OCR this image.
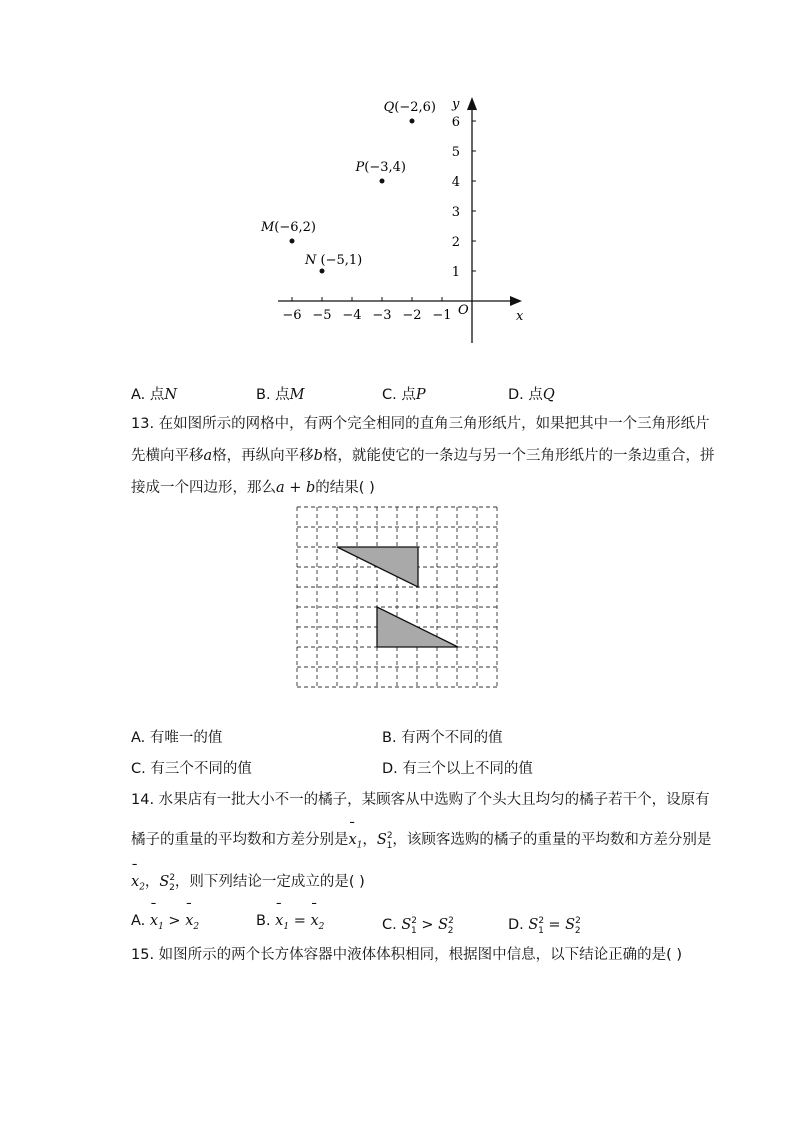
−6 −5 −4 −3 −2 −1
1
2
3
4
5
6
Q(−2,6)
P(−3,4)
M(−6,2)
N (−5,1)
x
y
O
A. 点N	B. 点M	C. 点P	D. 点Q
13. 在如图所示的网格中，有两个完全相同的直角三角形纸片，如果把其中一个三角形纸片
先横向平移a格，再纵向平移b格，就能使它的一条边与另一个三角形纸片的一条边重合，拼
接成一个四边形，那么a + b的结果( )
A. 有唯一的值	B. 有两个不同的值
C. 有三个不同的值	D. 有三个以上不同的值
14. 水果店有一批大小不一的橘子，某顾客从中选购了个头大且均匀的橘子若干个，设原有
橘子的重量的平均数和方差分别是¯ $x_1$，$S^2_1$，该顾客选购的橘子的重量的平均数和方差分别是
¯ $x_2$，$S^2_2$，则下列结论一定成立的是( )
A. ¯ $x_1$ > ¯ $x_2$	B. ¯ $x_1$ = ¯ $x_2$	C. $S^2_1 > S^2_2$	D. $S^2_1 = S^2_2$
15. 如图所示的两个长方体容器中液体体积相同，根据图中信息，以下结论正确的是( )
